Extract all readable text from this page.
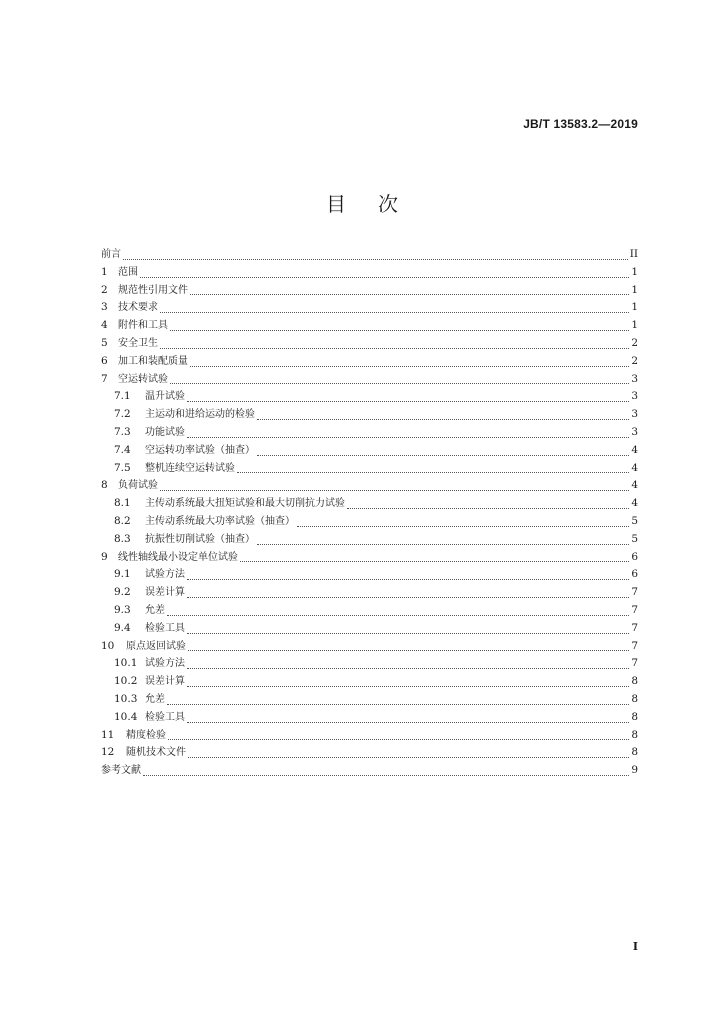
JB/T 13583.2—2019
目次
前言	II
1	范围	1
2	规范性引用文件	1
3	技术要求	1
4	附件和工具	1
5	安全卫生	2
6	加工和装配质量	2
7	空运转试验	3
7.1	温升试验	3
7.2	主运动和进给运动的检验	3
7.3	功能试验	3
7.4	空运转功率试验（抽查）	4
7.5	整机连续空运转试验	4
8	负荷试验	4
8.1	主传动系统最大扭矩试验和最大切削抗力试验	4
8.2	主传动系统最大功率试验（抽查）	5
8.3	抗振性切削试验（抽查）	5
9	线性轴线最小设定单位试验	6
9.1	试验方法	6
9.2	误差计算	7
9.3	允差	7
9.4	检验工具	7
10	原点返回试验	7
10.1 试验方法	7
10.2 误差计算	8
10.3 允差	8
10.4 检验工具	8
11	精度检验	8
12	随机技术文件	8
参考文献	9
I
